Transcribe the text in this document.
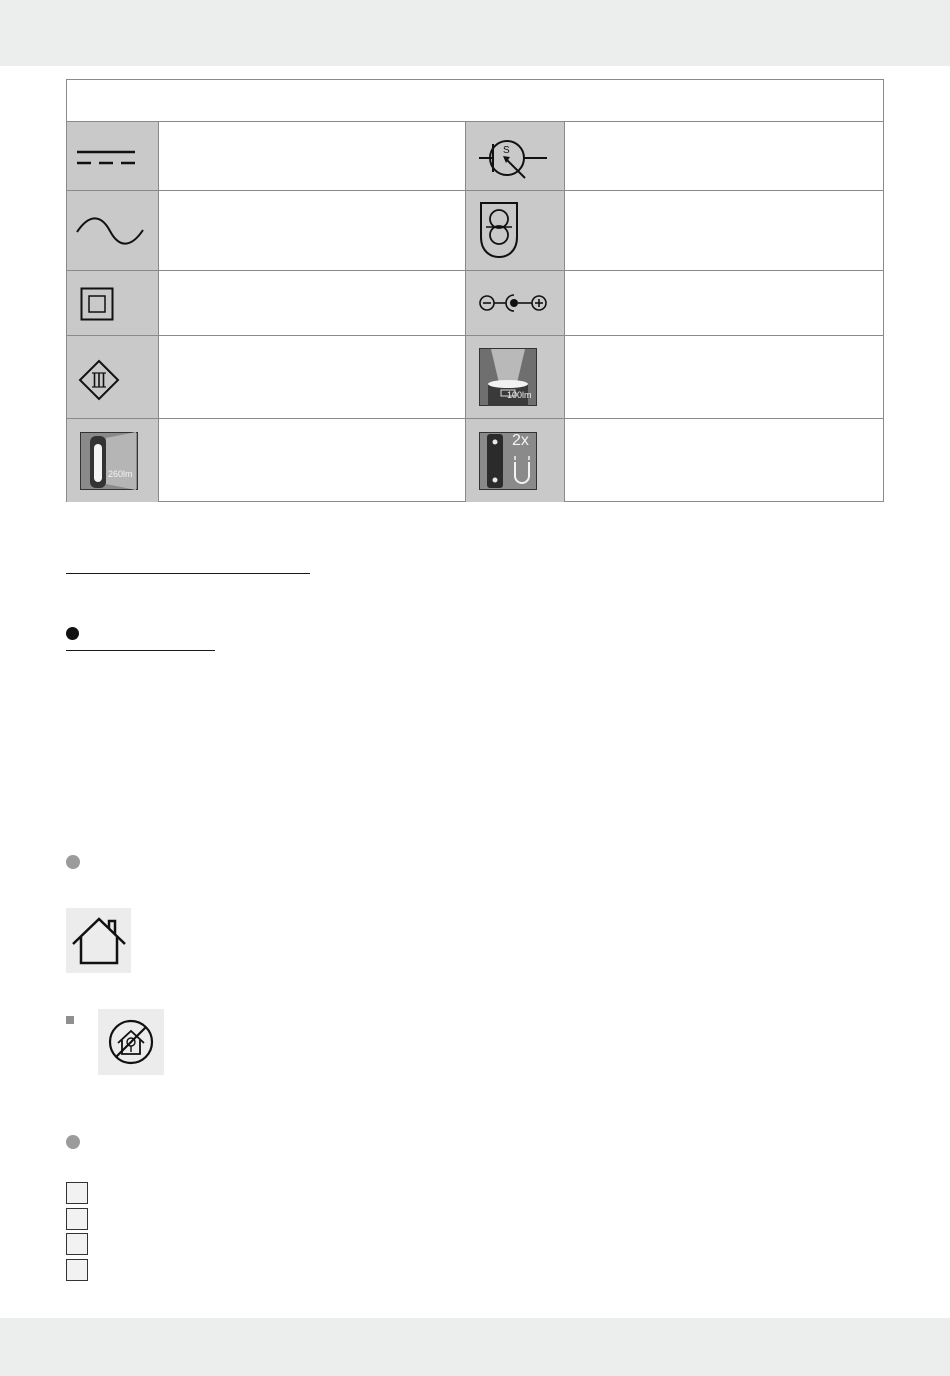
S
100lm
260lm
2x
